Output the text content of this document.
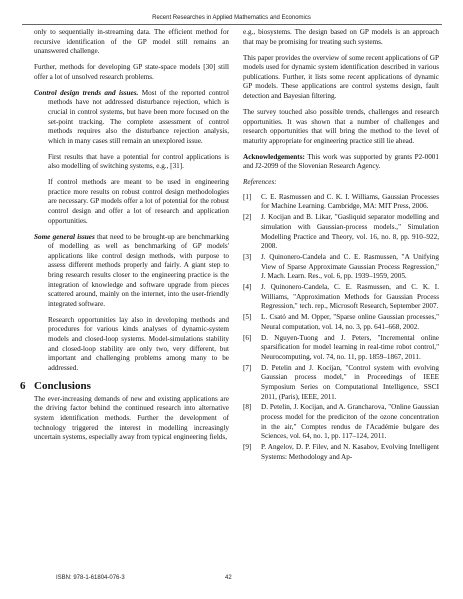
Recent Researches in Applied Mathematics and Economics

only to sequentially in-streaming data. The efficient method for recursive identification of the GP model still remains an unanswered challenge.

Further, methods for developing GP state-space models [30] still offer a lot of unsolved research problems.

Control design trends and issues. Most of the reported control methods have not addressed disturbance rejection, which is crucial in control systems, but have been more focused on the set-point tracking. The complete assessment of control methods requires also the disturbance rejection analysis, which in many cases still remain an unexplored issue.

First results that have a potential for control applications is also modelling of switching systems, e.g., [31].

If control methods are meant to be used in engineering practice more results on robust control design methodologies are necessary. GP models offer a lot of potential for the robust control design and offer a lot of research and application opportunities.

Some general issues that need to be brought-up are benchmarking of modelling as well as benchmarking of GP models' applications like control design methods, with purpose to assess different methods properly and fairly. A giant step to bring research results closer to the engineering practice is the integration of knowledge and software upgrade from pieces scattered around, mainly on the internet, into the user-friendly integrated software.

Research opportunities lay also in developing methods and procedures for various kinds analyses of dynamic-system models and closed-loop systems. Model-simulations stability and closed-loop stability are only two, very different, but important and challenging problems among many to be addressed.

6 Conclusions

The ever-increasing demands of new and existing applications are the driving factor behind the continued research into alternative system identification methods. Further the development of technology triggered the interest in modelling increasingly uncertain systems, especially away from typical engineering fields,

e.g., biosystems. The design based on GP models is an approach that may be promising for treating such systems.

This paper provides the overview of some recent applications of GP models used for dynamic system identification described in various publications. Further, it lists some recent applications of dynamic GP models. These applications are control systems design, fault detection and Bayesian filtering.

The survey touched also possible trends, challenges and research opportunities. It was shown that a number of challenges and research opportunities that will bring the method to the level of maturity appropriate for engineering practice still lie ahead.

Acknowledgements: This work was supported by grants P2-0001 and J2-2099 of the Slovenian Research Agency.

References:
[1]	C. E. Rasmussen and C. K. I. Williams, Gaussian Processes for Machine Learning. Cambridge, MA: MIT Press, 2006.
[2]	J. Kocijan and B. Likar, "Gasliquid separator modelling and simulation with Gaussian-process models.," Simulation Modelling Practice and Theory, vol. 16, no. 8, pp. 910–922, 2008.
[3]	J. Quinonero-Candela and C. E. Rasmussen, "A Unifying View of Sparse Approximate Gaussian Process Regression," J. Mach. Learn. Res., vol. 6, pp. 1939–1959, 2005.
[4]	J. Quinonero-Candela, C. E. Rasmussen, and C. K. I. Williams, "Approximation Methods for Gaussian Process Regression," tech. rep., Microsoft Research, September 2007.
[5]	L. Csató and M. Opper, "Sparse online Gaussian processes," Neural computation, vol. 14, no. 3, pp. 641–668, 2002.
[6]	D. Nguyen-Tuong and J. Peters, "Incremental online sparsification for model learning in real-time robot control," Neurocomputing, vol. 74, no. 11, pp. 1859–1867, 2011.
[7]	D. Petelin and J. Kocijan, "Control system with evolving Gaussian process model," in Proceedings of IEEE Symposium Series on Computational Intelligence, SSCI 2011, (Paris), IEEE, 2011.
[8]	D. Petelin, J. Kocijan, and A. Grancharova, "Online Gaussian process model for the prediciton of the ozone concentration in the air," Comptes rendus de l'Académie bulgare des Sciences, vol. 64, no. 1, pp. 117–124, 2011.
[9]	P. Angelov, D. P. Filev, and N. Kasabov, Evolving Intelligent Systems: Methodology and Ap-
ISBN: 978-1-61804-076-3	42
